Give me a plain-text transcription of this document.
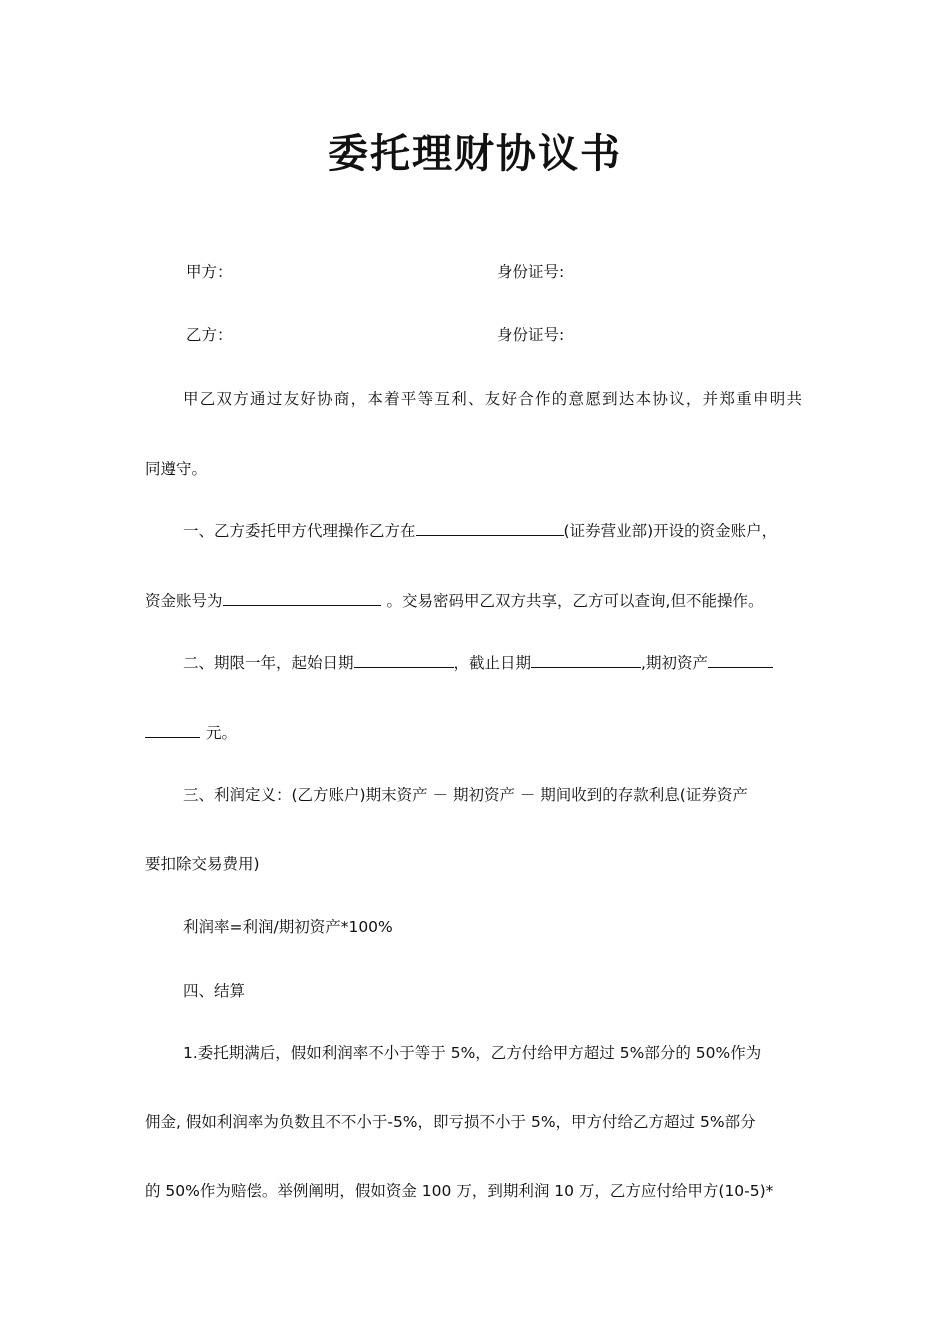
委托理财协议书
甲方：	身份证号:
乙方：	身份证号:
甲乙双方通过友好协商，本着平等互利、友好合作的意愿到达本协议，并郑重申明共
同遵守。
一、乙方委托甲方代理操作乙方在	(证券营业部)开设的资金账户，
资金账号为	。交易密码甲乙双方共享，乙方可以查询,但不能操作。
二、期限一年，起始日期	，截止日期	,期初资产
元。
三、利润定义：(乙方账户)期末资产 － 期初资产 － 期间收到的存款利息(证券资产
要扣除交易费用)
利润率=利润/期初资产*100%
四、结算
1.委托期满后，假如利润率不小于等于 5%，乙方付给甲方超过 5%部分的 50%作为
佣金, 假如利润率为负数且不不小于-5%，即亏损不小于 5%，甲方付给乙方超过 5%部分
的 50%作为赔偿。举例阐明，假如资金 100 万，到期利润 10 万，乙方应付给甲方(10-5)*
